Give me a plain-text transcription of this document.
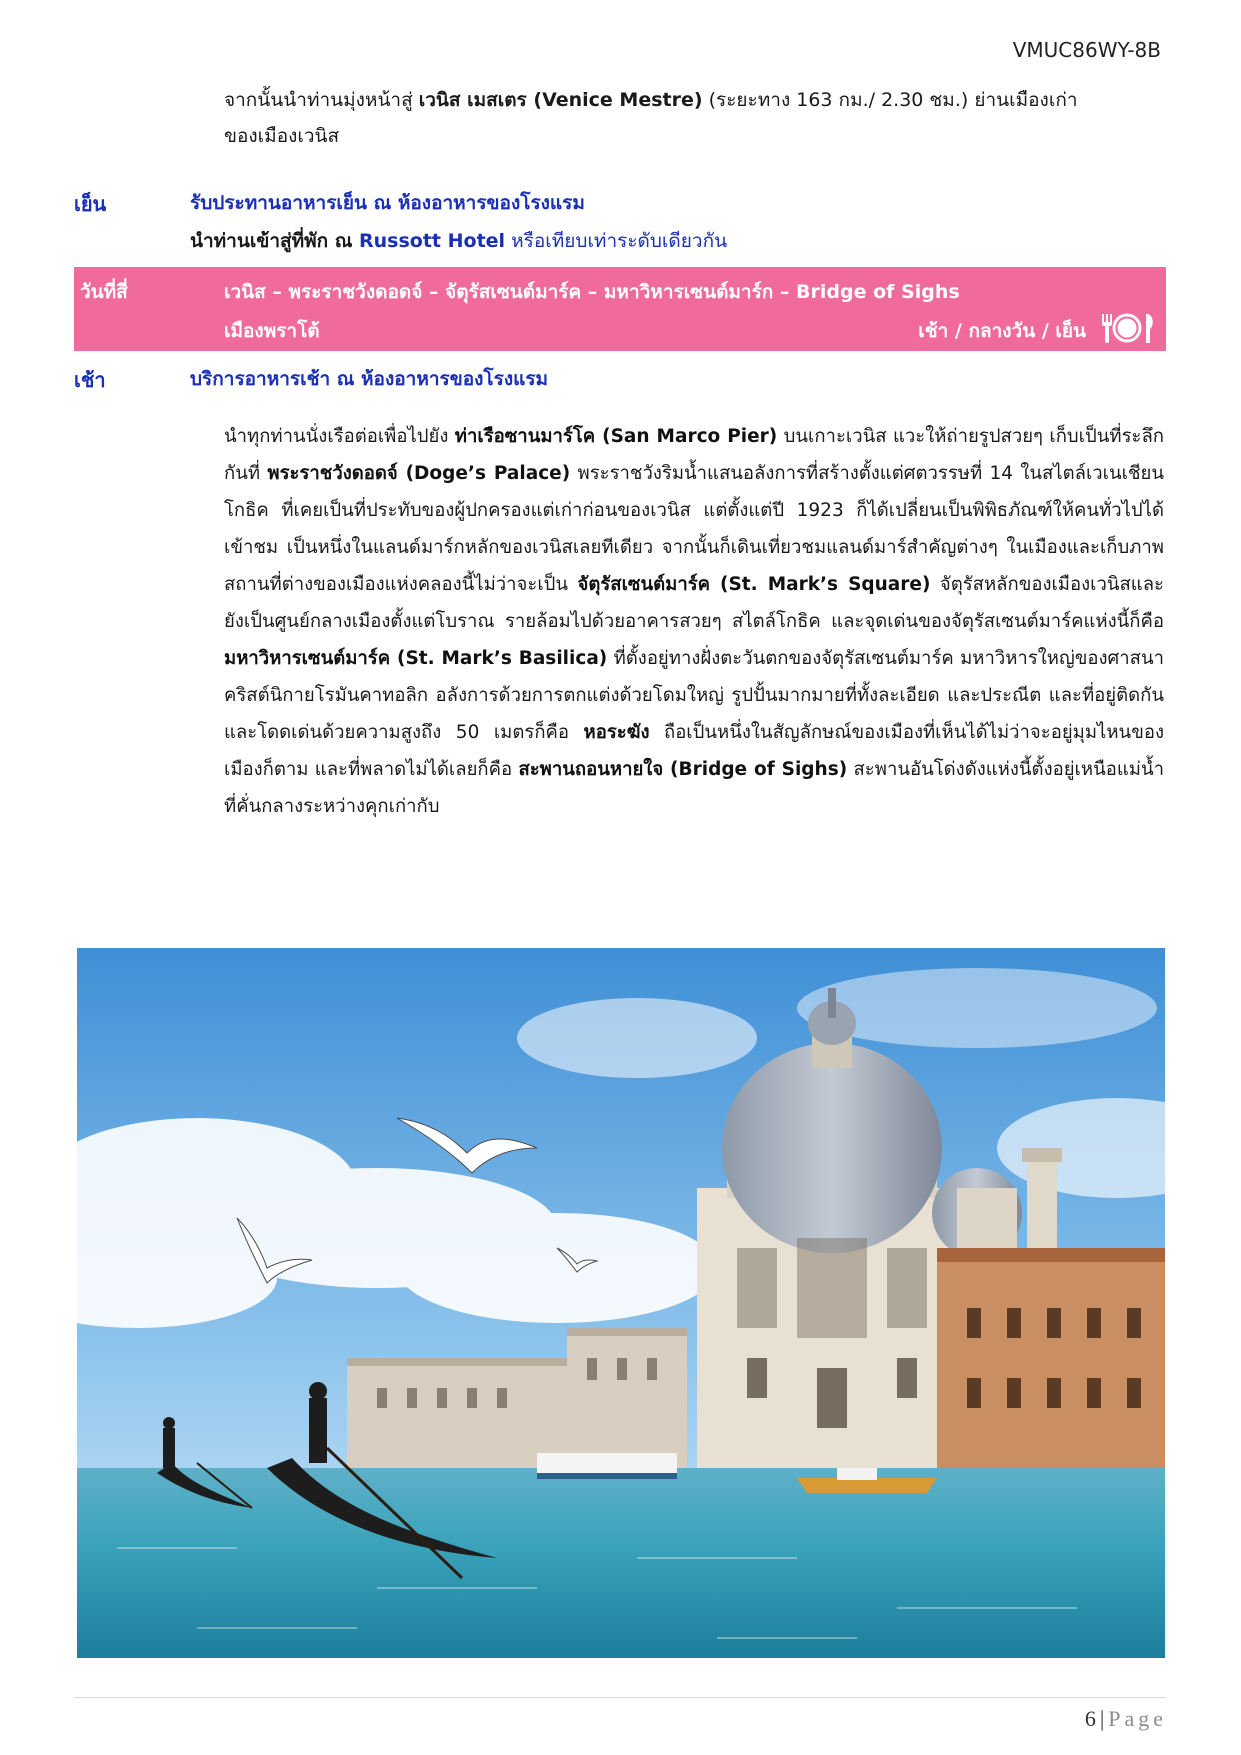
VMUC86WY-8B
จากนั้นนำท่านมุ่งหน้าสู่ เวนิส เมสเตร (Venice Mestre) (ระยะทาง 163 กม./ 2.30 ชม.) ย่านเมืองเก่า
ของเมืองเวนิส
เย็น	รับประทานอาหารเย็น ณ ห้องอาหารของโรงแรม
นำท่านเข้าสู่ที่พัก ณ Russott Hotel หรือเทียบเท่าระดับเดียวกัน
วันที่สี่	เวนิส – พระราชวังดอดจ์ – จัตุรัสเซนต์มาร์ค – มหาวิหารเซนต์มาร์ก – Bridge of Sighs
เมืองพราโต้	เช้า / กลางวัน / เย็น
เช้า	บริการอาหารเช้า ณ ห้องอาหารของโรงแรม
นำทุกท่านนั่งเรือต่อเพื่อไปยัง ท่าเรือซานมาร์โค (San Marco Pier) บนเกาะเวนิส แวะให้ถ่ายรูปสวยๆ เก็บเป็นที่ระลึกกันที่ พระราชวังดอดจ์ (Doge’s Palace) พระราชวังริมน้ำแสนอลังการที่สร้างตั้งแต่ศตวรรษที่ 14 ในสไตล์เวเนเชียนโกธิค ที่เคยเป็นที่ประทับของผู้ปกครองแต่เก่าก่อนของเวนิส แต่ตั้งแต่ปี 1923 ก็ได้เปลี่ยนเป็นพิพิธภัณฑ์ให้คนทั่วไปได้เข้าชม เป็นหนึ่งในแลนด์มาร์กหลักของเวนิสเลยทีเดียว จากนั้นก็เดินเที่ยวชมแลนด์มาร์สำคัญต่างๆ ในเมืองและเก็บภาพสถานที่ต่างของเมืองแห่งคลองนี้ไม่ว่าจะเป็น จัตุรัสเซนต์มาร์ค (St. Mark’s Square) จัตุรัสหลักของเมืองเวนิสและยังเป็นศูนย์กลางเมืองตั้งแต่โบราณ รายล้อมไปด้วยอาคารสวยๆ สไตล์โกธิค และจุดเด่นของจัตุรัสเซนต์มาร์คแห่งนี้ก็คือ มหาวิหารเซนต์มาร์ค (St. Mark’s Basilica) ที่ตั้งอยู่ทางฝั่งตะวันตกของจัตุรัสเซนต์มาร์ค มหาวิหารใหญ่ของศาสนาคริสต์นิกายโรมันคาทอลิก อลังการด้วยการตกแต่งด้วยโดมใหญ่ รูปปั้นมากมายที่ทั้งละเอียด และประณีต และที่อยู่ติดกันและโดดเด่นด้วยความสูงถึง 50 เมตรก็คือ หอระฆัง ถือเป็นหนึ่งในสัญลักษณ์ของเมืองที่เห็นได้ไม่ว่าจะอยู่มุมไหนของเมืองก็ตาม และที่พลาดไม่ได้เลยก็คือ สะพานถอนหายใจ (Bridge of Sighs) สะพานอันโด่งดังแห่งนี้ตั้งอยู่เหนือแม่น้ำที่คั่นกลางระหว่างคุกเก่ากับ
6 | Page
